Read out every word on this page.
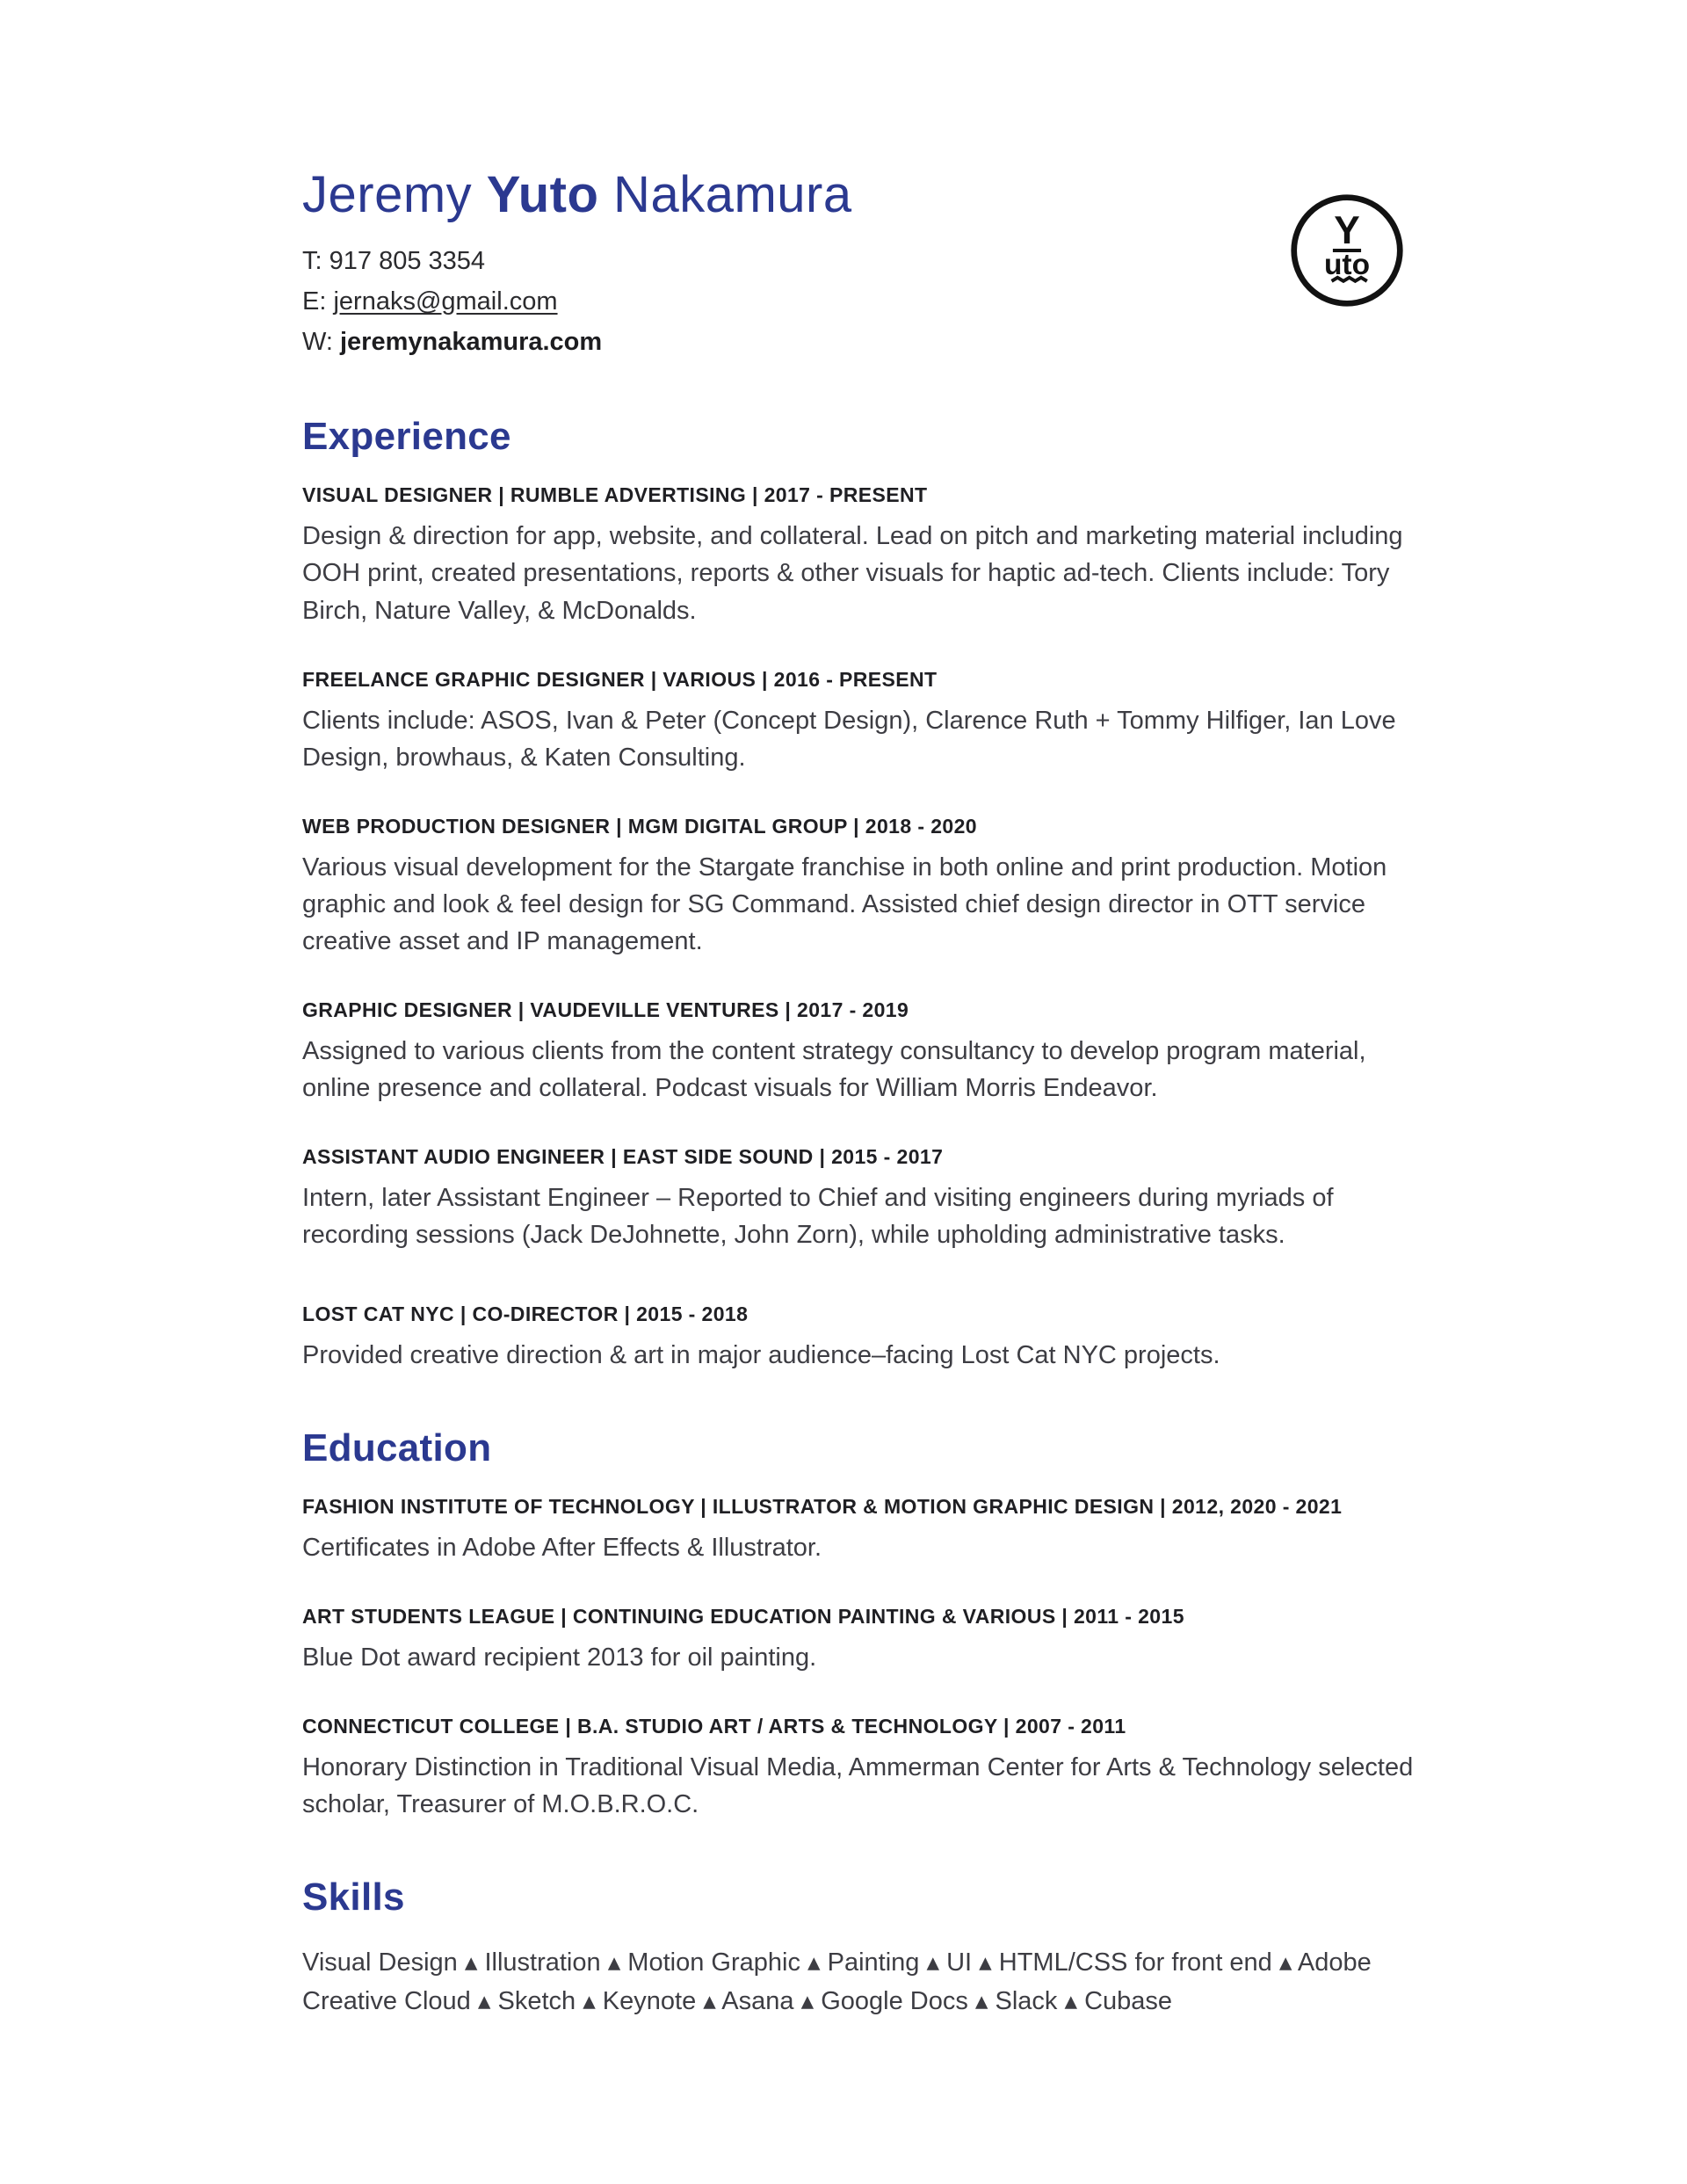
Jeremy Yuto Nakamura
T: 917 805 3354
E: jernaks@gmail.com
W: jeremynakamura.com
Y
uto
Experience
VISUAL DESIGNER | RUMBLE ADVERTISING | 2017 - PRESENT

Design & direction for app, website, and collateral. Lead on pitch and marketing material including OOH print, created presentations, reports & other visuals for haptic ad-tech. Clients include: Tory Birch, Nature Valley, & McDonalds.

FREELANCE GRAPHIC DESIGNER | VARIOUS | 2016 - PRESENT

Clients include: ASOS, Ivan & Peter (Concept Design), Clarence Ruth + Tommy Hilfiger, Ian Love Design, browhaus, & Katen Consulting.

WEB PRODUCTION DESIGNER | MGM DIGITAL GROUP | 2018 - 2020

Various visual development for the Stargate franchise in both online and print production. Motion graphic and look & feel design for SG Command. Assisted chief design director in OTT service creative asset and IP management.

GRAPHIC DESIGNER | VAUDEVILLE VENTURES | 2017 - 2019

Assigned to various clients from the content strategy consultancy to develop program material, online presence and collateral. Podcast visuals for William Morris Endeavor.

ASSISTANT AUDIO ENGINEER | EAST SIDE SOUND | 2015 - 2017

Intern, later Assistant Engineer – Reported to Chief and visiting engineers during myriads of recording sessions (Jack DeJohnette, John Zorn), while upholding administrative tasks.

LOST CAT NYC | CO-DIRECTOR | 2015 - 2018

Provided creative direction & art in major audience–facing Lost Cat NYC projects.

Education
FASHION INSTITUTE OF TECHNOLOGY | ILLUSTRATOR & MOTION GRAPHIC DESIGN | 2012, 2020 - 2021

Certificates in Adobe After Effects & Illustrator.

ART STUDENTS LEAGUE | CONTINUING EDUCATION PAINTING & VARIOUS | 2011 - 2015

Blue Dot award recipient 2013 for oil painting.

CONNECTICUT COLLEGE | B.A. STUDIO ART / ARTS & TECHNOLOGY | 2007 - 2011

Honorary Distinction in Traditional Visual Media, Ammerman Center for Arts & Technology selected scholar, Treasurer of M.O.B.R.O.C.

Skills

Visual Design ▴ Illustration ▴ Motion Graphic ▴ Painting ▴ UI ▴ HTML/CSS for front end ▴ Adobe Creative Cloud ▴ Sketch ▴ Keynote ▴ Asana ▴ Google Docs ▴ Slack ▴ Cubase
